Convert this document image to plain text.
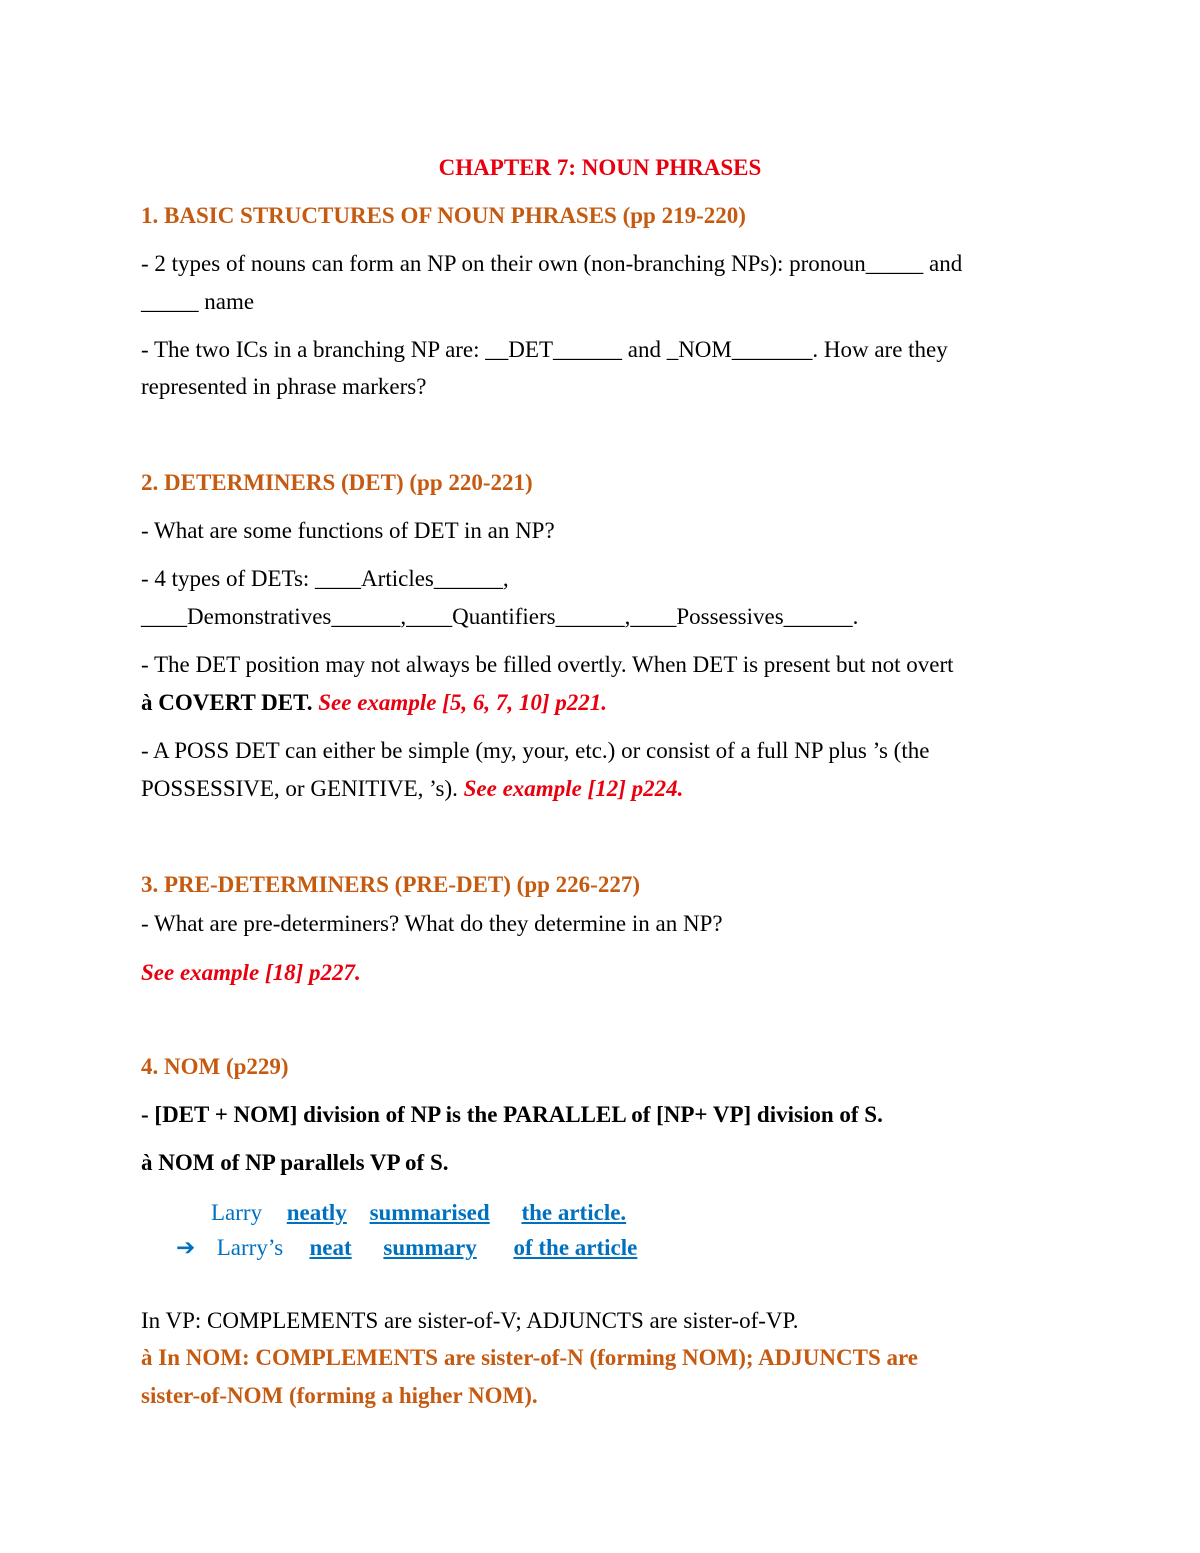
CHAPTER 7: NOUN PHRASES
1. BASIC STRUCTURES OF NOUN PHRASES (pp 219-220)
- 2 types of nouns can form an NP on their own (non-branching NPs): pronoun_____ and
_____ name
- The two ICs in a branching NP are: __DET______ and _NOM_______. How are they
represented in phrase markers?
2. DETERMINERS (DET) (pp 220-221)
- What are some functions of DET in an NP?
- 4 types of DETs: ____Articles______,
____Demonstratives______,____Quantifiers______,____Possessives______.
- The DET position may not always be filled overtly. When DET is present but not overt
à COVERT DET. See example [5, 6, 7, 10] p221.
- A POSS DET can either be simple (my, your, etc.) or consist of a full NP plus ’s (the
POSSESSIVE, or GENITIVE, ’s). See example [12] p224.
3. PRE-DETERMINERS (PRE-DET) (pp 226-227)
- What are pre-determiners? What do they determine in an NP?
See example [18] p227.
4. NOM (p229)
- [DET + NOM] division of NP is the PARALLEL of [NP+ VP] division of S.
à NOM of NP parallels VP of S.
Larry neatly summarised the article.
➔ Larry’s neat summary of the article
In VP: COMPLEMENTS are sister-of-V; ADJUNCTS are sister-of-VP.
à In NOM: COMPLEMENTS are sister-of-N (forming NOM); ADJUNCTS are
sister-of-NOM (forming a higher NOM).
